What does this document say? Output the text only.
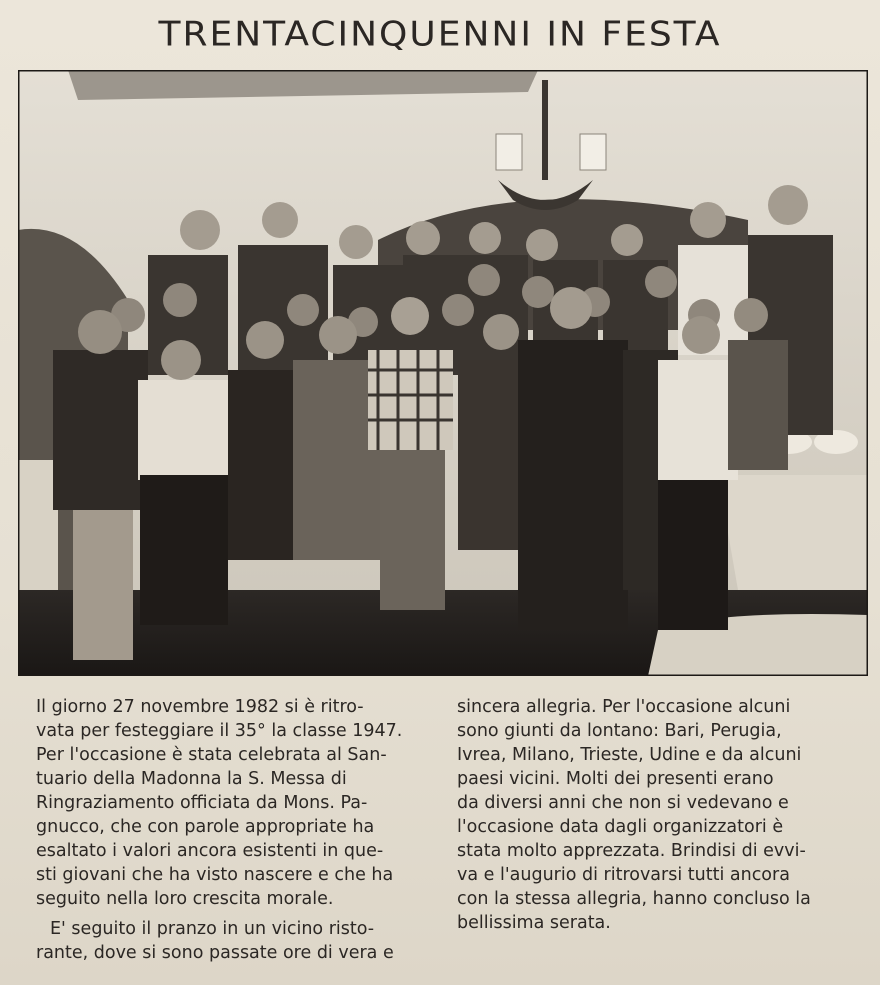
TRENTACINQUENNI IN FESTA
Il giorno 27 novembre 1982 si è ritro-
vata per festeggiare il 35° la classe 1947.
Per l'occasione è stata celebrata al San-
tuario della Madonna la S. Messa di
Ringraziamento officiata da Mons. Pa-
gnucco, che con parole appropriate ha
esaltato i valori ancora esistenti in que-
sti giovani che ha visto nascere e che ha
seguito nella loro crescita morale.
E' seguito il pranzo in un vicino risto-
rante, dove si sono passate ore di vera e
sincera allegria. Per l'occasione alcuni
sono giunti da lontano: Bari, Perugia,
Ivrea, Milano, Trieste, Udine e da alcuni
paesi vicini. Molti dei presenti erano
da diversi anni che non si vedevano e
l'occasione data dagli organizzatori è
stata molto apprezzata. Brindisi di evvi-
va e l'augurio di ritrovarsi tutti ancora
con la stessa allegria, hanno concluso la
bellissima serata.
